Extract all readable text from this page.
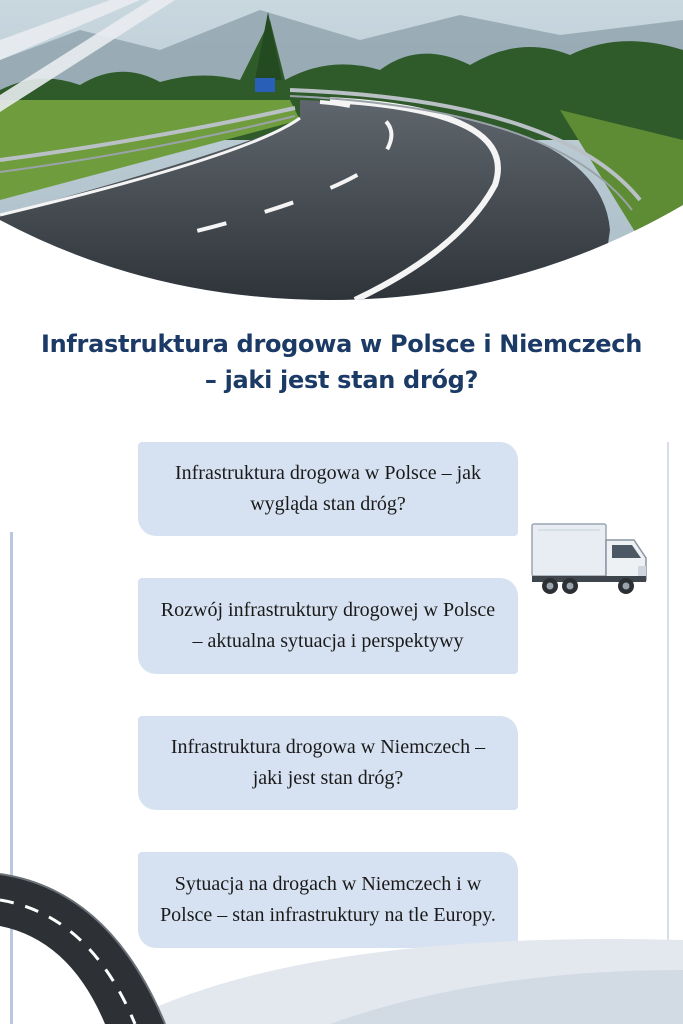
Infrastruktura drogowa w Polsce i Niemczech – jaki jest stan dróg?
Infrastruktura drogowa w Polsce – jak wygląda stan dróg?
Rozwój infrastruktury drogowej w Polsce – aktualna sytuacja i perspektywy
Infrastruktura drogowa w Niemczech – jaki jest stan dróg?
Sytuacja na drogach w Niemczech i w Polsce – stan infrastruktury na tle Europy.
